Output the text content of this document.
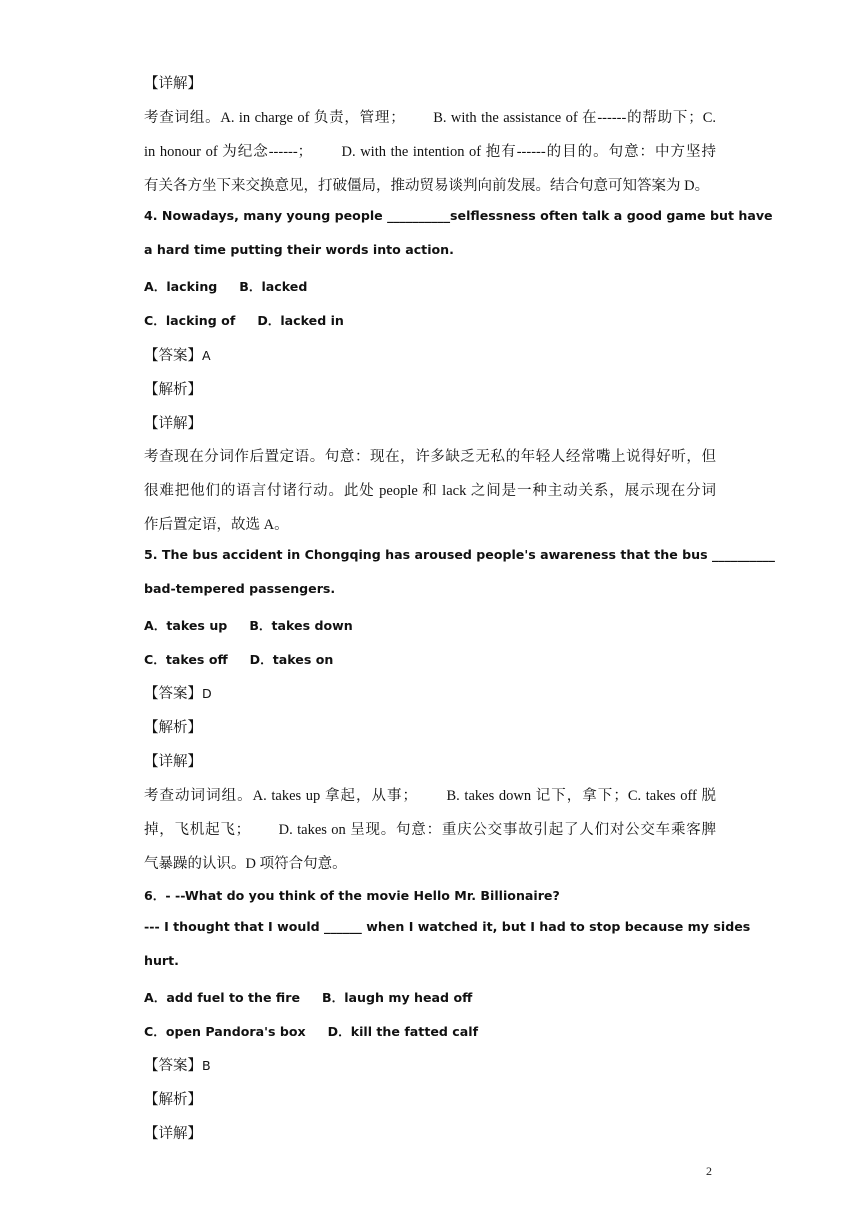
【详解】
考查词组。A. in charge of 负责，管理；　　 B. with the assistance of 在------的帮助下；C.
in honour of 为纪念------；　　 D. with the intention of 抱有------的目的。句意：中方坚持
有关各方坐下来交换意见，打破僵局，推动贸易谈判向前发展。结合句意可知答案为 D。
4. Nowadays, many young people __________selflessness often talk a good game but have
a hard time putting their words into action.
A．lacking B．lacked
C．lacking of D．lacked in
【答案】A
【解析】
【详解】
考查现在分词作后置定语。句意：现在，许多缺乏无私的年轻人经常嘴上说得好听，但
很难把他们的语言付诸行动。此处 people 和 lack 之间是一种主动关系，展示现在分词
作后置定语，故选 A。
5. The bus accident in Chongqing has aroused people's awareness that the bus __________
bad-tempered passengers.
A．takes up B．takes down
C．takes off D．takes on
【答案】D
【解析】
【详解】
考查动词词组。A. takes up 拿起，从事；　　 B. takes down 记下，拿下；C. takes off 脱
掉，飞机起飞；　　 D. takes on 呈现。句意：重庆公交事故引起了人们对公交车乘客脾
气暴躁的认识。D 项符合句意。
6．- --What do you think of the movie Hello Mr. Billionaire?
--- I thought that I would ______ when I watched it, but I had to stop because my sides
hurt.
A．add fuel to the fire B．laugh my head off
C．open Pandora's box D．kill the fatted calf
【答案】B
【解析】
【详解】
2
